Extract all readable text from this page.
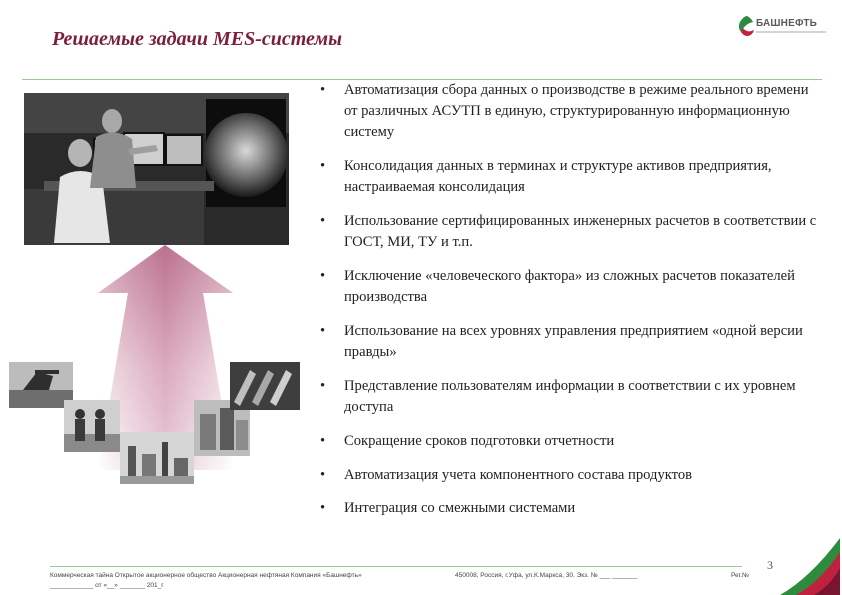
Решаемые задачи MES-системы
БАШНЕФТЬ
• Автоматизация сбора данных о производстве в режиме реального времени от различных АСУТП в единую, структурированную информационную систему
• Консолидация данных в терминах и структуре активов предприятия, настраиваемая консолидация
• Использование сертифицированных инженерных расчетов в соответствии с ГОСТ, МИ, ТУ и т.п.
• Исключение «человеческого фактора» из сложных расчетов показателей производства
• Использование на всех уровнях управления предприятием «одной версии правды»
• Представление пользователям информации в соответствии с их уровнем доступа
• Сокращение сроков подготовки отчетности
• Автоматизация учета компонентного состава продуктов
• Интеграция со смежными системами
Коммерческая тайна Открытое акционерное общество Акционерная нефтяная Компания «Башнефть»
____________ от «__» _______ 201_г
450008, Россия, г.Уфа, ул.К.Маркса, 30. Экз. № ___ _______	Рег.№
3
